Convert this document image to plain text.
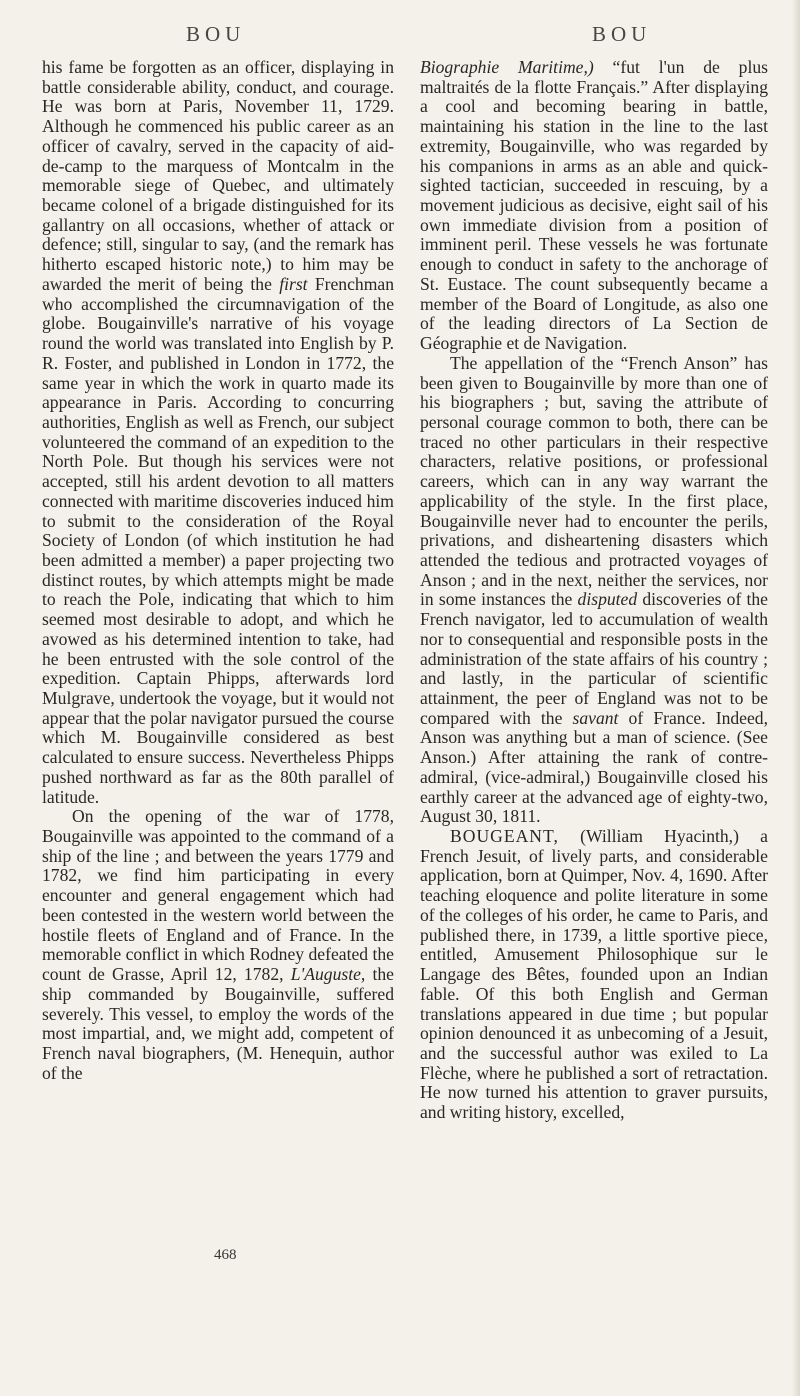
BOU	BOU

his fame be forgotten as an officer, displaying in battle considerable ability, conduct, and courage. He was born at Paris, November 11, 1729. Although he commenced his public career as an officer of cavalry, served in the capacity of aid-de-camp to the marquess of Montcalm in the memorable siege of Quebec, and ultimately became colonel of a brigade distinguished for its gallantry on all occasions, whether of attack or defence; still, singular to say, (and the remark has hitherto escaped historic note,) to him may be awarded the merit of being the first Frenchman who accomplished the circumnavigation of the globe. Bougainville's narrative of his voyage round the world was translated into English by P. R. Foster, and published in London in 1772, the same year in which the work in quarto made its appearance in Paris. According to concurring authorities, English as well as French, our subject volunteered the command of an expedition to the North Pole. But though his services were not accepted, still his ardent devotion to all matters connected with maritime discoveries induced him to submit to the consideration of the Royal Society of London (of which institution he had been admitted a member) a paper projecting two distinct routes, by which attempts might be made to reach the Pole, indicating that which to him seemed most desirable to adopt, and which he avowed as his determined intention to take, had he been entrusted with the sole control of the expedition. Captain Phipps, afterwards lord Mulgrave, undertook the voyage, but it would not appear that the polar navigator pursued the course which M. Bougainville considered as best calculated to ensure success. Nevertheless Phipps pushed northward as far as the 80th parallel of latitude.

On the opening of the war of 1778, Bougainville was appointed to the command of a ship of the line ; and between the years 1779 and 1782, we find him participating in every encounter and general engagement which had been contested in the western world between the hostile fleets of England and of France. In the memorable conflict in which Rodney defeated the count de Grasse, April 12, 1782, L'Auguste, the ship commanded by Bougainville, suffered severely. This vessel, to employ the words of the most impartial, and, we might add, competent of French naval biographers, (M. Henequin, author of the

Biographie Maritime,) “fut l'un de plus maltraités de la flotte Français.” After displaying a cool and becoming bearing in battle, maintaining his station in the line to the last extremity, Bougainville, who was regarded by his companions in arms as an able and quick-sighted tactician, succeeded in rescuing, by a movement judicious as decisive, eight sail of his own immediate division from a position of imminent peril. These vessels he was fortunate enough to conduct in safety to the anchorage of St. Eustace. The count subsequently became a member of the Board of Longitude, as also one of the leading directors of La Section de Géographie et de Navigation.

The appellation of the “French Anson” has been given to Bougainville by more than one of his biographers ; but, saving the attribute of personal courage common to both, there can be traced no other particulars in their respective characters, relative positions, or professional careers, which can in any way warrant the applicability of the style. In the first place, Bougainville never had to encounter the perils, privations, and disheartening disasters which attended the tedious and protracted voyages of Anson ; and in the next, neither the services, nor in some instances the disputed discoveries of the French navigator, led to accumulation of wealth nor to consequential and responsible posts in the administration of the state affairs of his country ; and lastly, in the particular of scientific attainment, the peer of England was not to be compared with the savant of France. Indeed, Anson was anything but a man of science. (See Anson.) After attaining the rank of contre-admiral, (vice-admiral,) Bougainville closed his earthly career at the advanced age of eighty-two, August 30, 1811.

BOUGEANT, (William Hyacinth,) a French Jesuit, of lively parts, and considerable application, born at Quimper, Nov. 4, 1690. After teaching eloquence and polite literature in some of the colleges of his order, he came to Paris, and published there, in 1739, a little sportive piece, entitled, Amusement Philosophique sur le Langage des Bêtes, founded upon an Indian fable. Of this both English and German translations appeared in due time ; but popular opinion denounced it as unbecoming of a Jesuit, and the successful author was exiled to La Flèche, where he published a sort of retractation. He now turned his attention to graver pursuits, and writing history, excelled,

468
